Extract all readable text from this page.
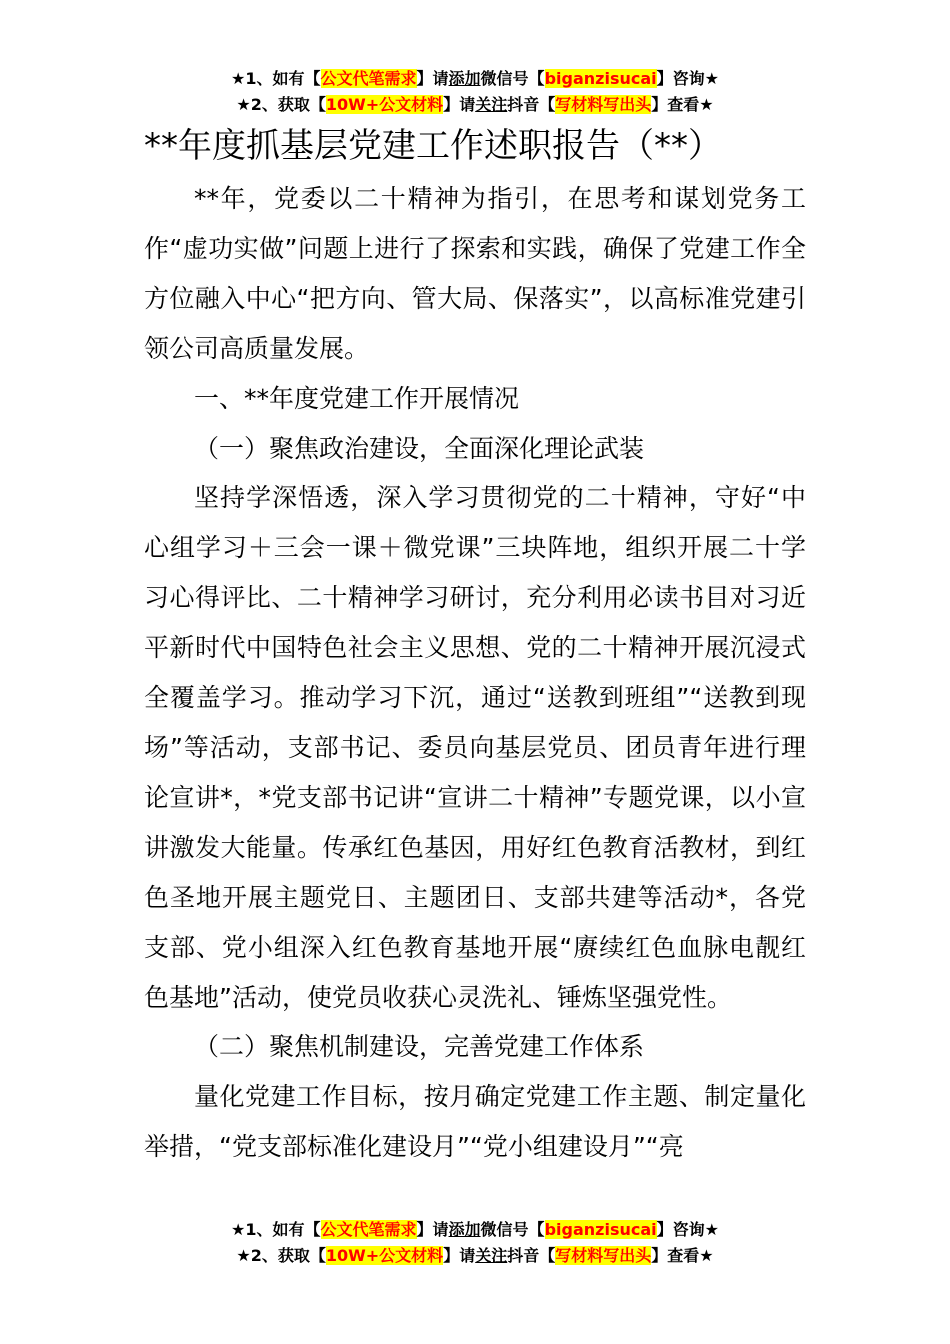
★1、如有【公文代笔需求】请添加微信号【biganzisucai】咨询★
★2、获取【10W+公文材料】请关注抖音【写材料写出头】查看★
**年度抓基层党建工作述职报告（**）

**年，党委以二十精神为指引，在思考和谋划党务工作“虚功实做”问题上进行了探索和实践，确保了党建工作全方位融入中心“把方向、管大局、保落实”，以高标准党建引领公司高质量发展。

一、**年度党建工作开展情况

（一）聚焦政治建设，全面深化理论武装

坚持学深悟透，深入学习贯彻党的二十精神，守好“中心组学习＋三会一课＋微党课”三块阵地，组织开展二十学习心得评比、二十精神学习研讨，充分利用必读书目对习近平新时代中国特色社会主义思想、党的二十精神开展沉浸式全覆盖学习。推动学习下沉，通过“送教到班组”“送教到现场”等活动，支部书记、委员向基层党员、团员青年进行理论宣讲*，*党支部书记讲“宣讲二十精神”专题党课，以小宣讲激发大能量。传承红色基因，用好红色教育活教材，到红色圣地开展主题党日、主题团日、支部共建等活动*，各党支部、党小组深入红色教育基地开展“赓续红色血脉电靓红色基地”活动，使党员收获心灵洗礼、锤炼坚强党性。

（二）聚焦机制建设，完善党建工作体系

量化党建工作目标，按月确定党建工作主题、制定量化举措，“党支部标准化建设月”“党小组建设月”“亮

★1、如有【公文代笔需求】请添加微信号【biganzisucai】咨询★
★2、获取【10W+公文材料】请关注抖音【写材料写出头】查看★
